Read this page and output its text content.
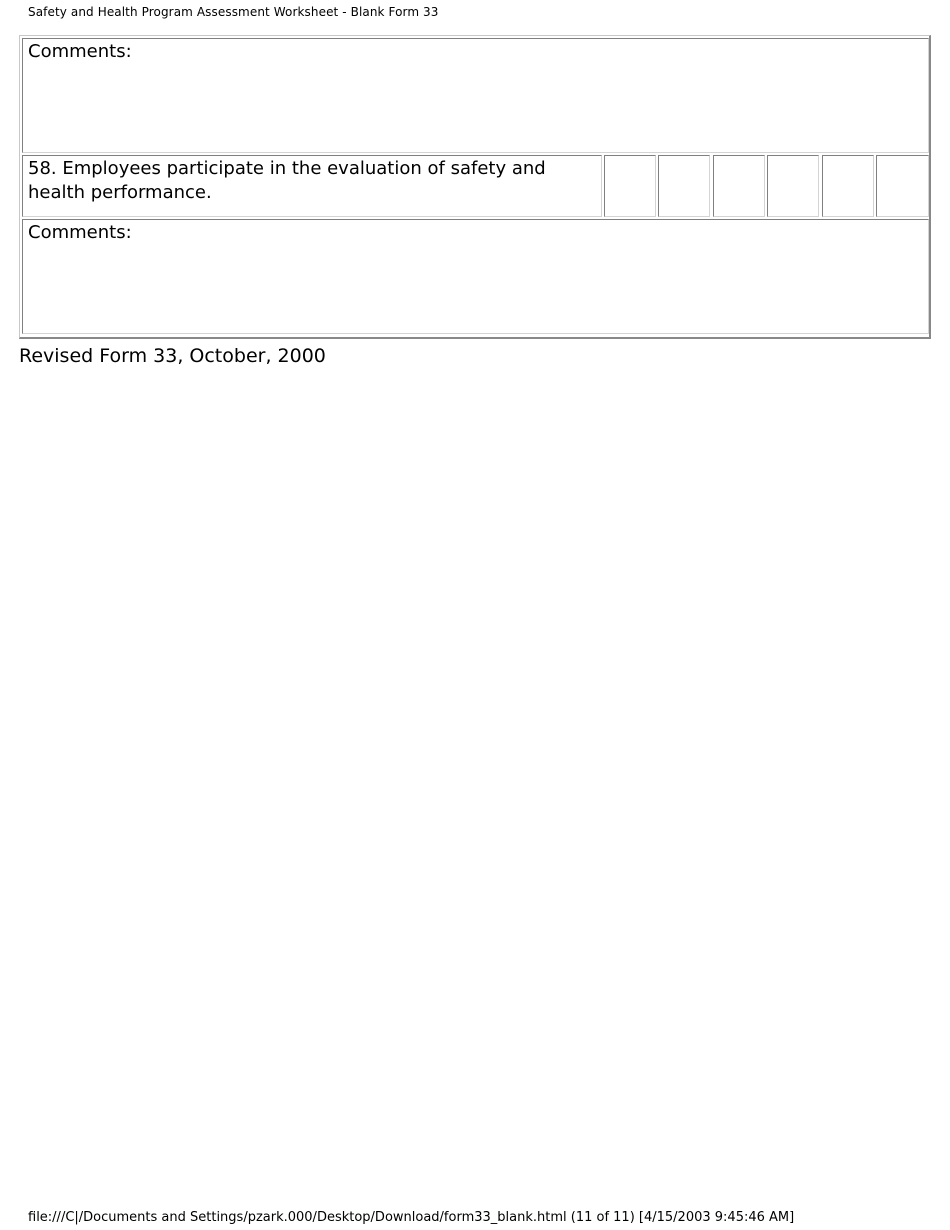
Safety and Health Program Assessment Worksheet - Blank Form 33
Comments:
58. Employees participate in the evaluation of safety and health performance.
Comments:
Revised Form 33, October, 2000
file:///C|/Documents and Settings/pzark.000/Desktop/Download/form33_blank.html (11 of 11) [4/15/2003 9:45:46 AM]
